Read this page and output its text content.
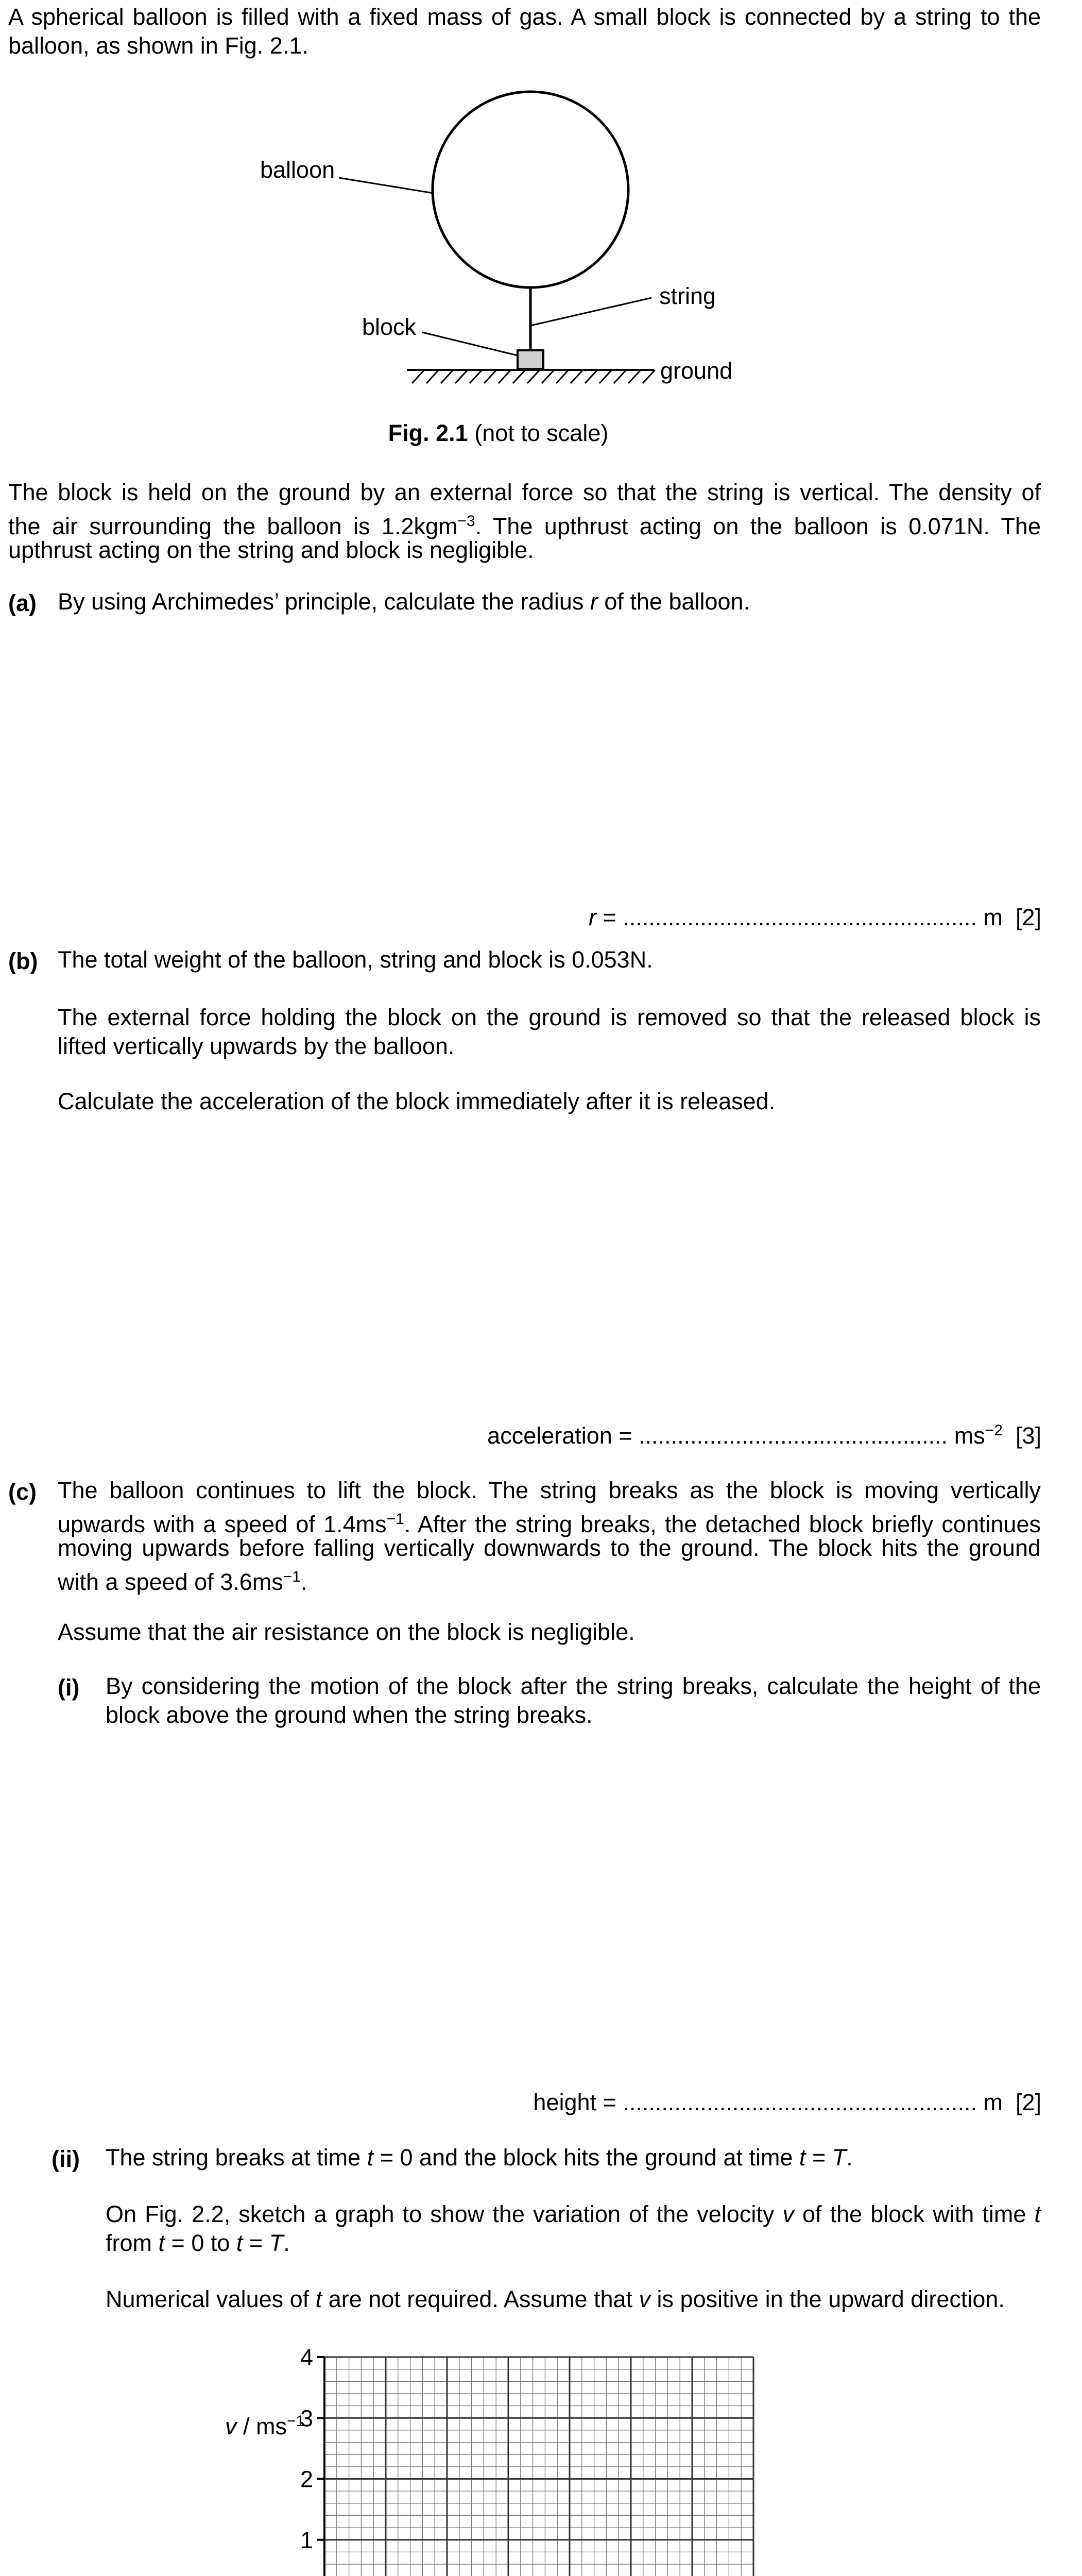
A spherical balloon is filled with a fixed mass of gas. A small block is connected by a string to the
balloon, as shown in Fig. 2.1.
balloon
string
block
ground
Fig. 2.1 (not to scale)
The block is held on the ground by an external force so that the string is vertical. The density of
the air surrounding the balloon is 1.2kgm$^{-3}$. The upthrust acting on the balloon is 0.071N. The
upthrust acting on the string and block is negligible.
(a) By using Archimedes’ principle, calculate the radius r of the balloon.
r = ....................................................... m [2]
(b) The total weight of the balloon, string and block is 0.053N.
The external force holding the block on the ground is removed so that the released block is
lifted vertically upwards by the balloon.
Calculate the acceleration of the block immediately after it is released.
acceleration = ................................................ $ms^{-2}$ [3]
(c) The balloon continues to lift the block. The string breaks as the block is moving vertically
upwards with a speed of $1.4ms^{-1}$. After the string breaks, the detached block briefly continues
moving upwards before falling vertically downwards to the ground. The block hits the ground
with a speed of $3.6ms^{-1}$.
Assume that the air resistance on the block is negligible.
(i) By considering the motion of the block after the string breaks, calculate the height of the
block above the ground when the string breaks.
height = ....................................................... m [2]
(ii) The string breaks at time t = 0 and the block hits the ground at time t = T.
On Fig. 2.2, sketch a graph to show the variation of the velocity v of the block with time t
from t = 0 to t = T.
Numerical values of t are not required. Assume that v is positive in the upward direction.
4
3
2
1
v / $ms^{-1}$
